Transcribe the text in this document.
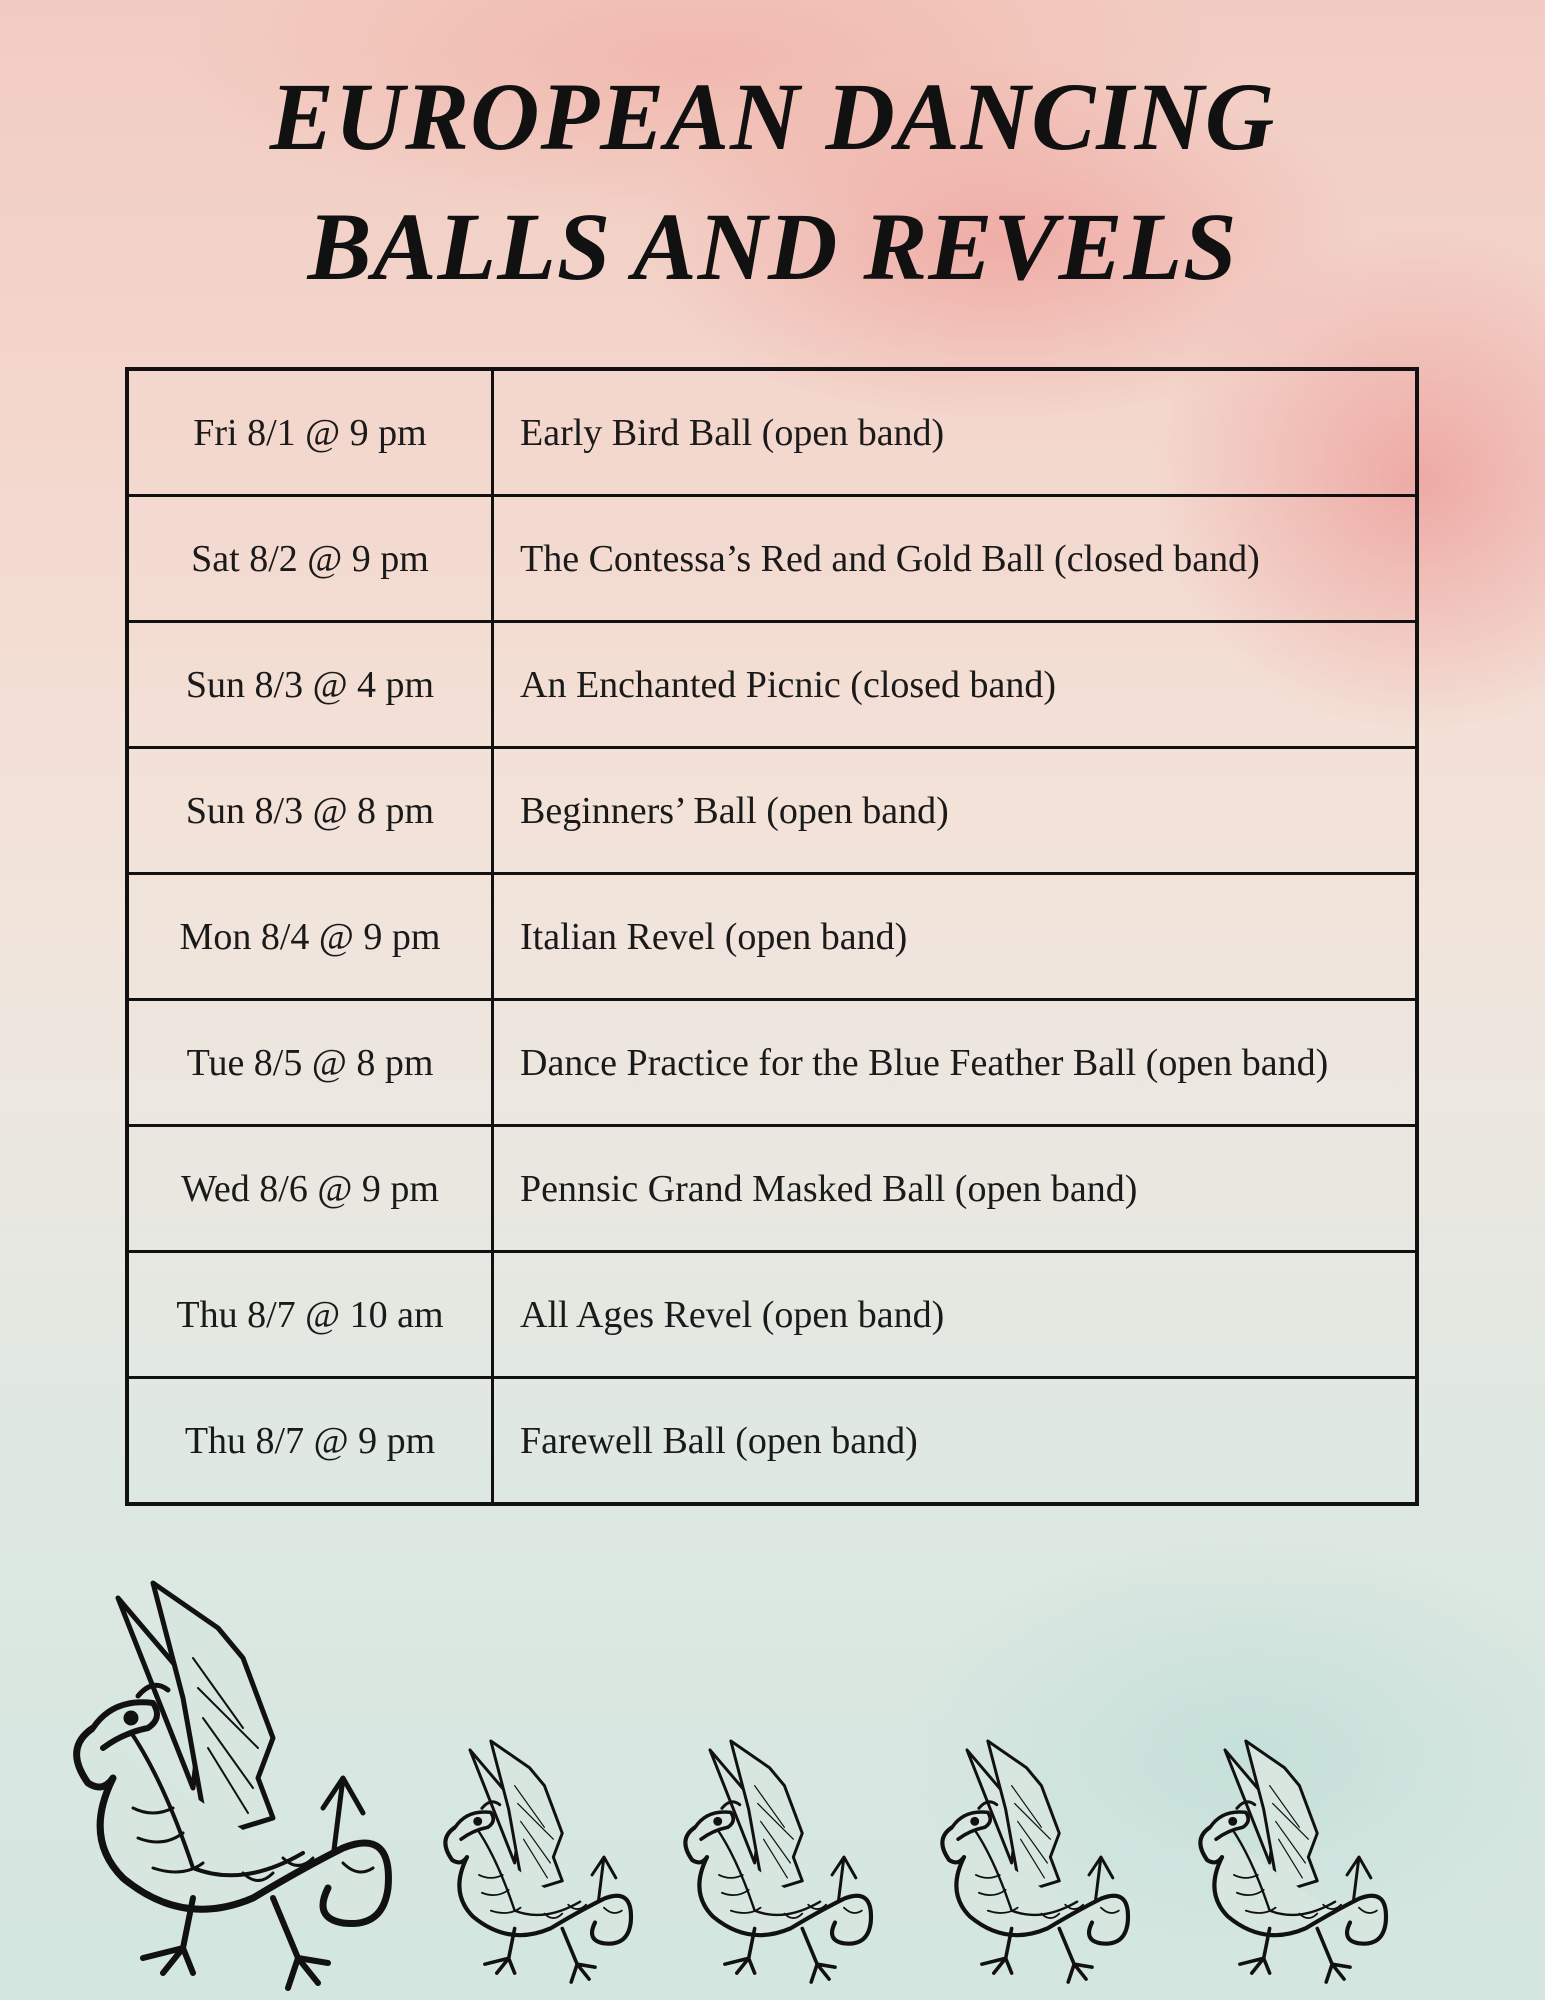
EUROPEAN DANCING
BALLS AND REVELS
Fri 8/1 @ 9 pm	Early Bird Ball (open band)
Sat 8/2 @ 9 pm	The Contessa’s Red and Gold Ball (closed band)
Sun 8/3 @ 4 pm	An Enchanted Picnic (closed band)
Sun 8/3 @ 8 pm	Beginners’ Ball (open band)
Mon 8/4 @ 9 pm	Italian Revel (open band)
Tue 8/5 @ 8 pm	Dance Practice for the Blue Feather Ball (open band)
Wed 8/6 @ 9 pm	Pennsic Grand Masked Ball (open band)
Thu 8/7 @ 10 am	All Ages Revel (open band)
Thu 8/7 @ 9 pm	Farewell Ball (open band)
